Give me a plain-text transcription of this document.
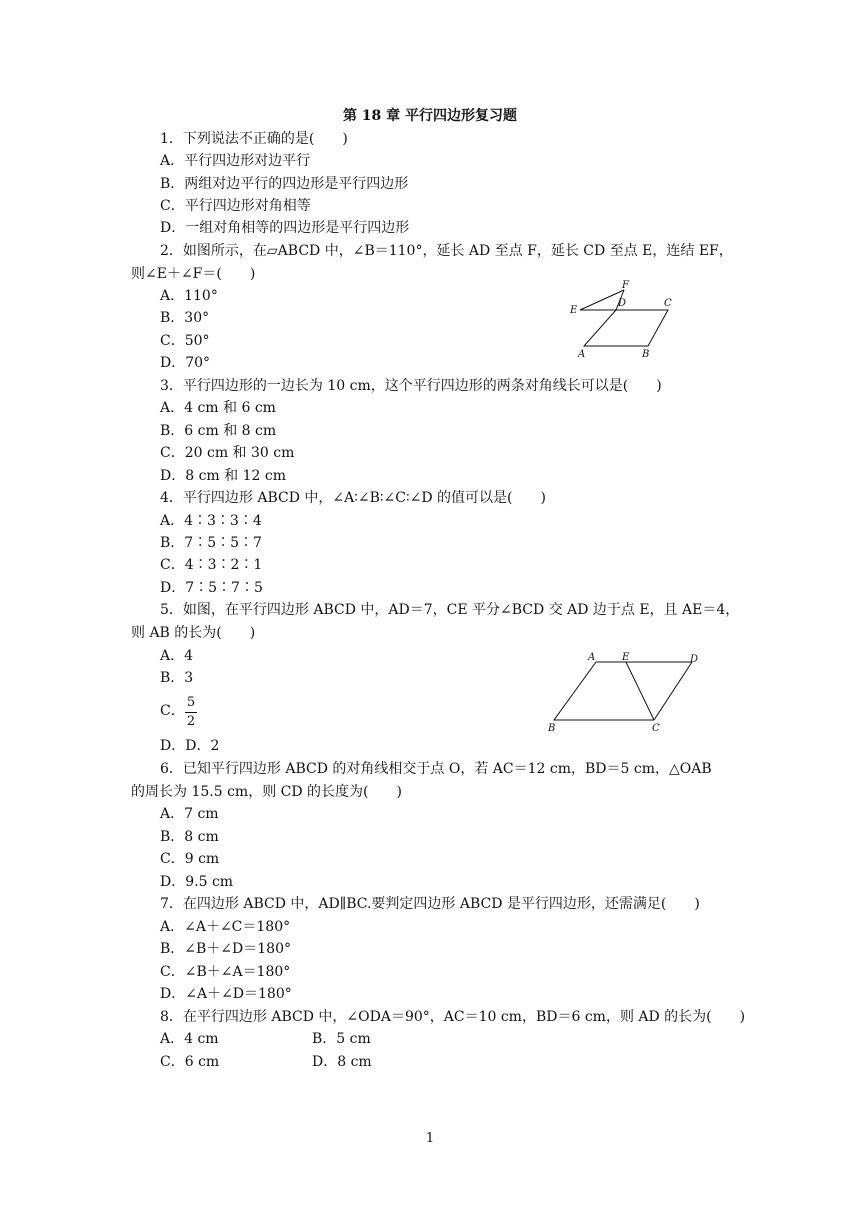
第 18 章 平行四边形复习题
1．下列说法不正确的是(　　)
A．平行四边形对边平行
B．两组对边平行的四边形是平行四边形
C．平行四边形对角相等
D．一组对角相等的四边形是平行四边形
2．如图所示，在▱ABCD 中，∠B＝110°，延长 AD 至点 F，延长 CD 至点 E，连结 EF，
则∠E＋∠F＝(　　)
A．110°
B．30°
C．50°
D．70°
F
E
D	C
A	B
3．平行四边形的一边长为 10 cm，这个平行四边形的两条对角线长可以是(　　)
A．4 cm 和 6 cm
B．6 cm 和 8 cm
C．20 cm 和 30 cm
D．8 cm 和 12 cm
4．平行四边形 ABCD 中，∠A∶∠B∶∠C∶∠D 的值可以是(　　)
A．4∶3∶3∶4
B．7∶5∶5∶7
C．4∶3∶2∶1
D．7∶5∶7∶5
5．如图，在平行四边形 ABCD 中，AD＝7，CE 平分∠BCD 交 AD 边于点 E，且 AE＝4，
则 AB 的长为(　　)
A．4
B．3
C．
5
2
D．D．2
A	E	D
B	C
6．已知平行四边形 ABCD 的对角线相交于点 O，若 AC＝12 cm，BD＝5 cm，△OAB
的周长为 15.5 cm，则 CD 的长度为(　　)
A．7 cm
B．8 cm
C．9 cm
D．9.5 cm
7．在四边形 ABCD 中，AD∥BC.要判定四边形 ABCD 是平行四边形，还需满足(　　)
A．∠A＋∠C＝180°
B．∠B＋∠D＝180°
C．∠B＋∠A＝180°
D．∠A＋∠D＝180°
8．在平行四边形 ABCD 中，∠ODA＝90°，AC＝10 cm，BD＝6 cm，则 AD 的长为(　　)
A．4 cm	B．5 cm
C．6 cm	D．8 cm
1
